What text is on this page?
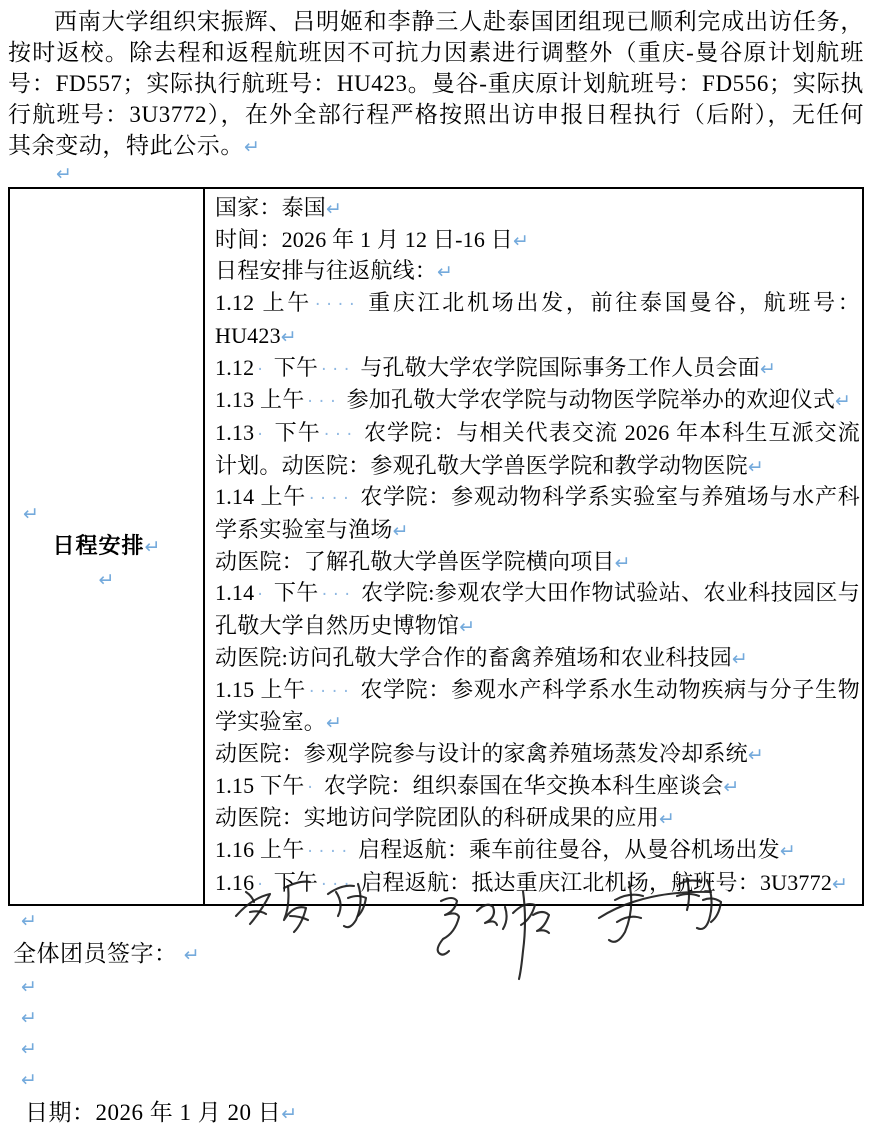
西南大学组织宋振辉、吕明姬和李静三人赴泰国团组现已顺利完成出访任务，按时返校。除去程和返程航班因不可抗力因素进行调整外（重庆-曼谷原计划航班号：FD557；实际执行航班号：HU423。曼谷-重庆原计划航班号：FD556；实际执行航班号：3U3772），在外全部行程严格按照出访申报日程执行（后附），无任何其余变动，特此公示。↵

↵
↵
日程安排↵
↵

国家：泰国↵
时间：2026 年 1 月 12 日-16 日↵
日程安排与往返航线：↵
1.12 上午 ···· 重庆江北机场出发，前往泰国曼谷，航班号：HU423↵
1.12 · 下午 ··· 与孔敬大学农学院国际事务工作人员会面↵
1.13 上午 ··· 参加孔敬大学农学院与动物医学院举办的欢迎仪式↵
1.13 · 下午 ··· 农学院：与相关代表交流 2026 年本科生互派交流计划。动医院：参观孔敬大学兽医学院和教学动物医院↵
1.14 上午 ···· 农学院：参观动物科学系实验室与养殖场与水产科学系实验室与渔场↵
动医院：了解孔敬大学兽医学院横向项目↵
1.14 · 下午 ··· 农学院:参观农学大田作物试验站、农业科技园区与孔敬大学自然历史博物馆↵
动医院:访问孔敬大学合作的畜禽养殖场和农业科技园↵
1.15 上午 ···· 农学院：参观水产科学系水生动物疾病与分子生物学实验室。↵
动医院：参观学院参与设计的家禽养殖场蒸发冷却系统↵
1.15 下午 · 农学院：组织泰国在华交换本科生座谈会↵
动医院：实地访问学院团队的科研成果的应用↵
1.16 上午 ···· 启程返航：乘车前往曼谷，从曼谷机场出发↵
1.16 · 下午 ··· 启程返航：抵达重庆江北机场，航班号：3U3772↵
↵
全体团员签字： ↵
↵
↵
↵
↵
日期：2026 年 1 月 20 日↵
